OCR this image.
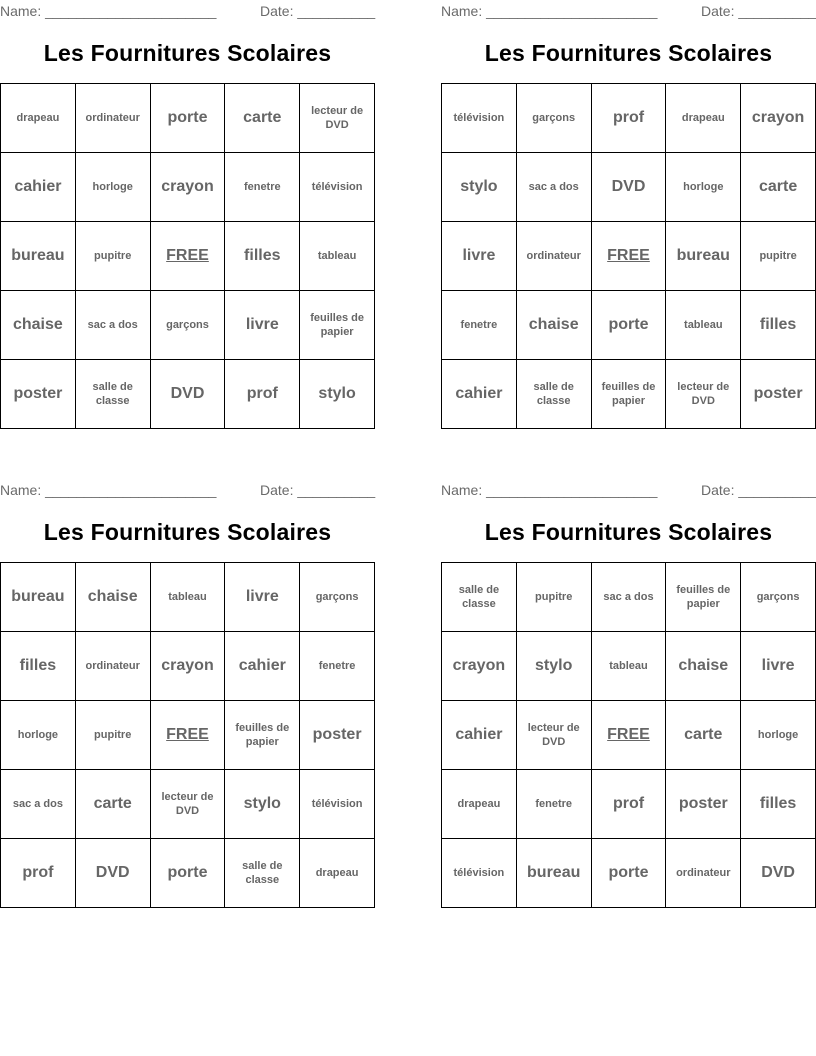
Name: ______________________	Date: __________
Les Fournitures Scolaires
drapeau	ordinateur	porte	carte	lecteur de DVD
cahier	horloge	crayon	fenetre	télévision
bureau	pupitre	FREE	filles	tableau
chaise	sac a dos	garçons	livre	feuilles de papier
poster	salle de classe	DVD	prof	stylo
Name: ______________________	Date: __________
Les Fournitures Scolaires
télévision	garçons	prof	drapeau	crayon
stylo	sac a dos	DVD	horloge	carte
livre	ordinateur	FREE	bureau	pupitre
fenetre	chaise	porte	tableau	filles
cahier	salle de classe	feuilles de papier	lecteur de DVD	poster
Name: ______________________	Date: __________
Les Fournitures Scolaires
bureau	chaise	tableau	livre	garçons
filles	ordinateur	crayon	cahier	fenetre
horloge	pupitre	FREE	feuilles de papier	poster
sac a dos	carte	lecteur de DVD	stylo	télévision
prof	DVD	porte	salle de classe	drapeau
Name: ______________________	Date: __________
Les Fournitures Scolaires
salle de classe	pupitre	sac a dos	feuilles de papier	garçons
crayon	stylo	tableau	chaise	livre
cahier	lecteur de DVD	FREE	carte	horloge
drapeau	fenetre	prof	poster	filles
télévision	bureau	porte	ordinateur	DVD
